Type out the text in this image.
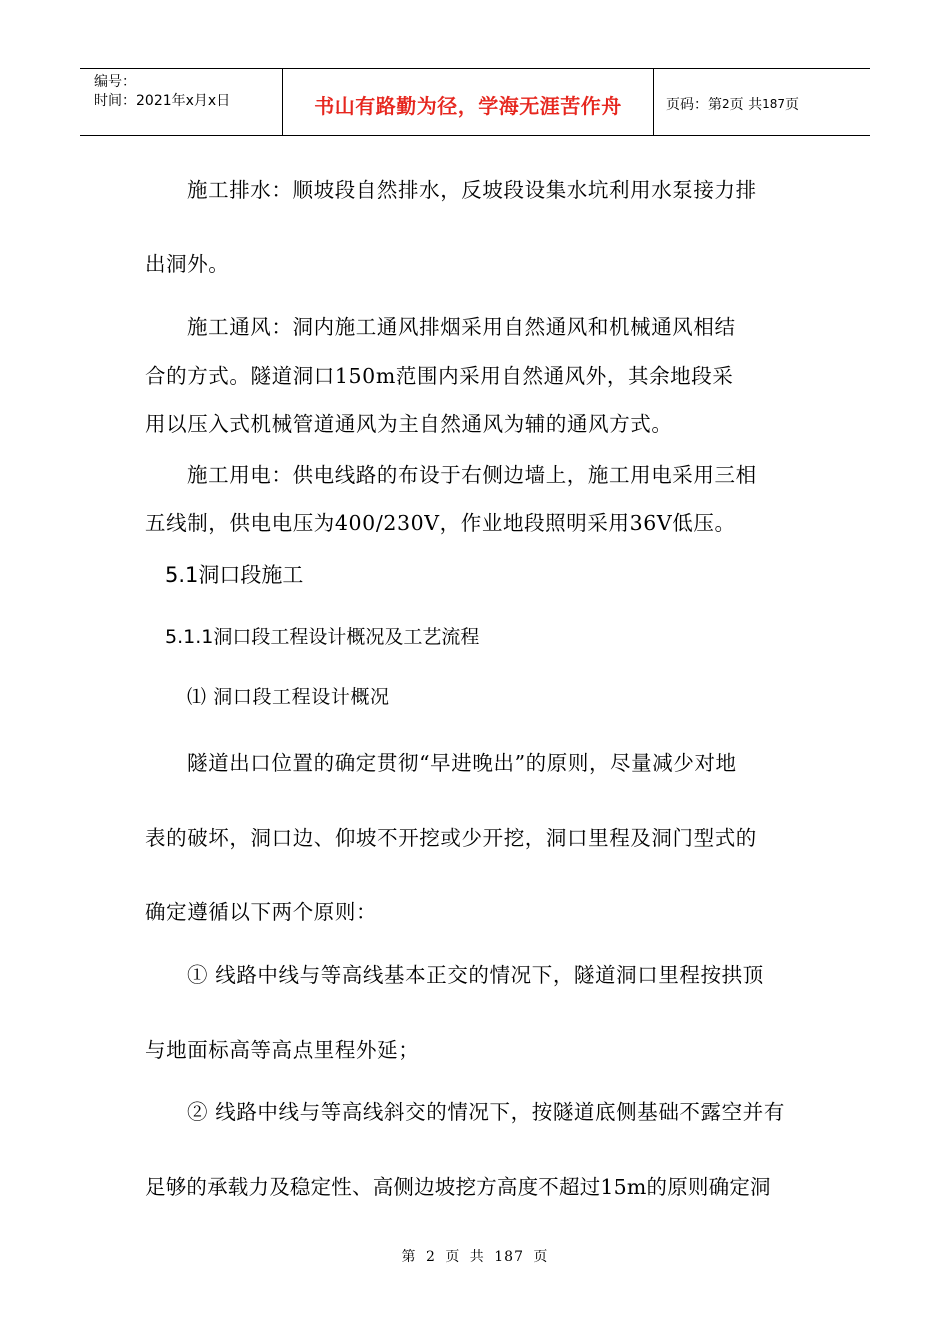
编号：
时间：2021年x月x日	书山有路勤为径，学海无涯苦作舟	页码：第 2 页 共 187 页
施工排水：顺坡段自然排水，反坡段设集水坑利用水泵接力排
出洞外。
施工通风：洞内施工通风排烟采用自然通风和机械通风相结
合的方式。隧道洞口150m范围内采用自然通风外，其余地段采
用以压入式机械管道通风为主自然通风为辅的通风方式。
施工用电：供电线路的布设于右侧边墙上，施工用电采用三相
五线制，供电电压为400/230V，作业地段照明采用36V低压。
5.1洞口段施工
5.1.1洞口段工程设计概况及工艺流程
⑴ 洞口段工程设计概况
隧道出口位置的确定贯彻“早进晚出”的原则，尽量减少对地
表的破坏，洞口边、仰坡不开挖或少开挖，洞口里程及洞门型式的
确定遵循以下两个原则：
① 线路中线与等高线基本正交的情况下，隧道洞口里程按拱顶
与地面标高等高点里程外延；
② 线路中线与等高线斜交的情况下，按隧道底侧基础不露空并有
足够的承载力及稳定性、高侧边坡挖方高度不超过15m的原则确定洞
第 2 页 共 187 页
